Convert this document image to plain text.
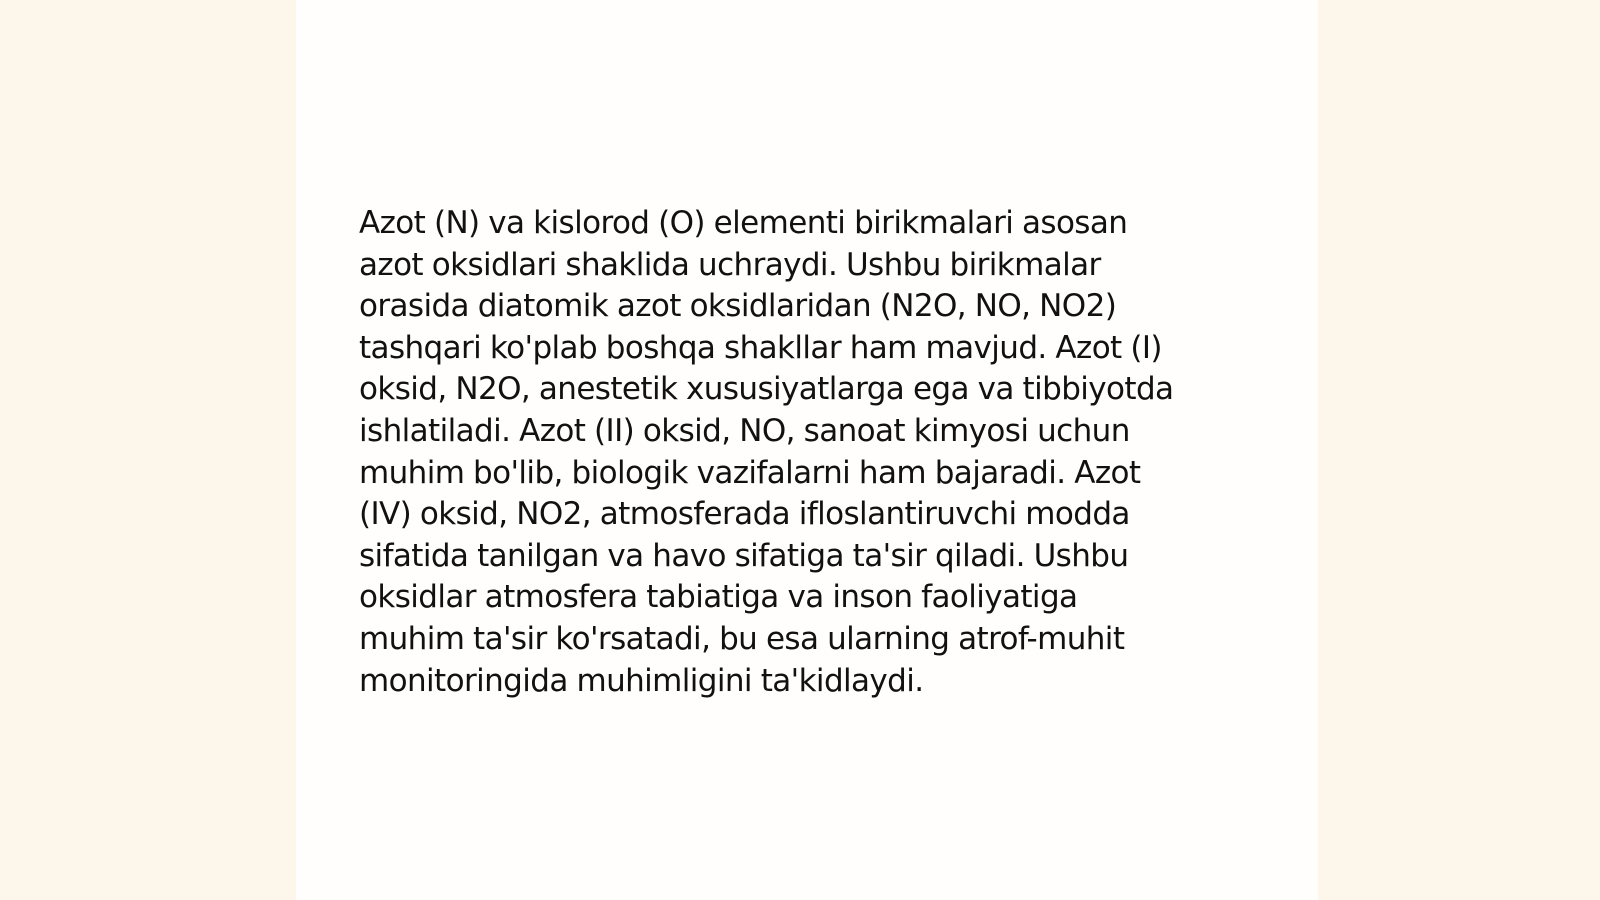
Azot (N) va kislorod (O) elementi birikmalari asosan
azot oksidlari shaklida uchraydi. Ushbu birikmalar
orasida diatomik azot oksidlaridan (N2O, NO, NO2)
tashqari ko'plab boshqa shakllar ham mavjud. Azot (I)
oksid, N2O, anestetik xususiyatlarga ega va tibbiyotda
ishlatiladi. Azot (II) oksid, NO, sanoat kimyosi uchun
muhim bo'lib, biologik vazifalarni ham bajaradi. Azot
(IV) oksid, NO2, atmosferada ifloslantiruvchi modda
sifatida tanilgan va havo sifatiga ta'sir qiladi. Ushbu
oksidlar atmosfera tabiatiga va inson faoliyatiga
muhim ta'sir ko'rsatadi, bu esa ularning atrof-muhit
monitoringida muhimligini ta'kidlaydi.
